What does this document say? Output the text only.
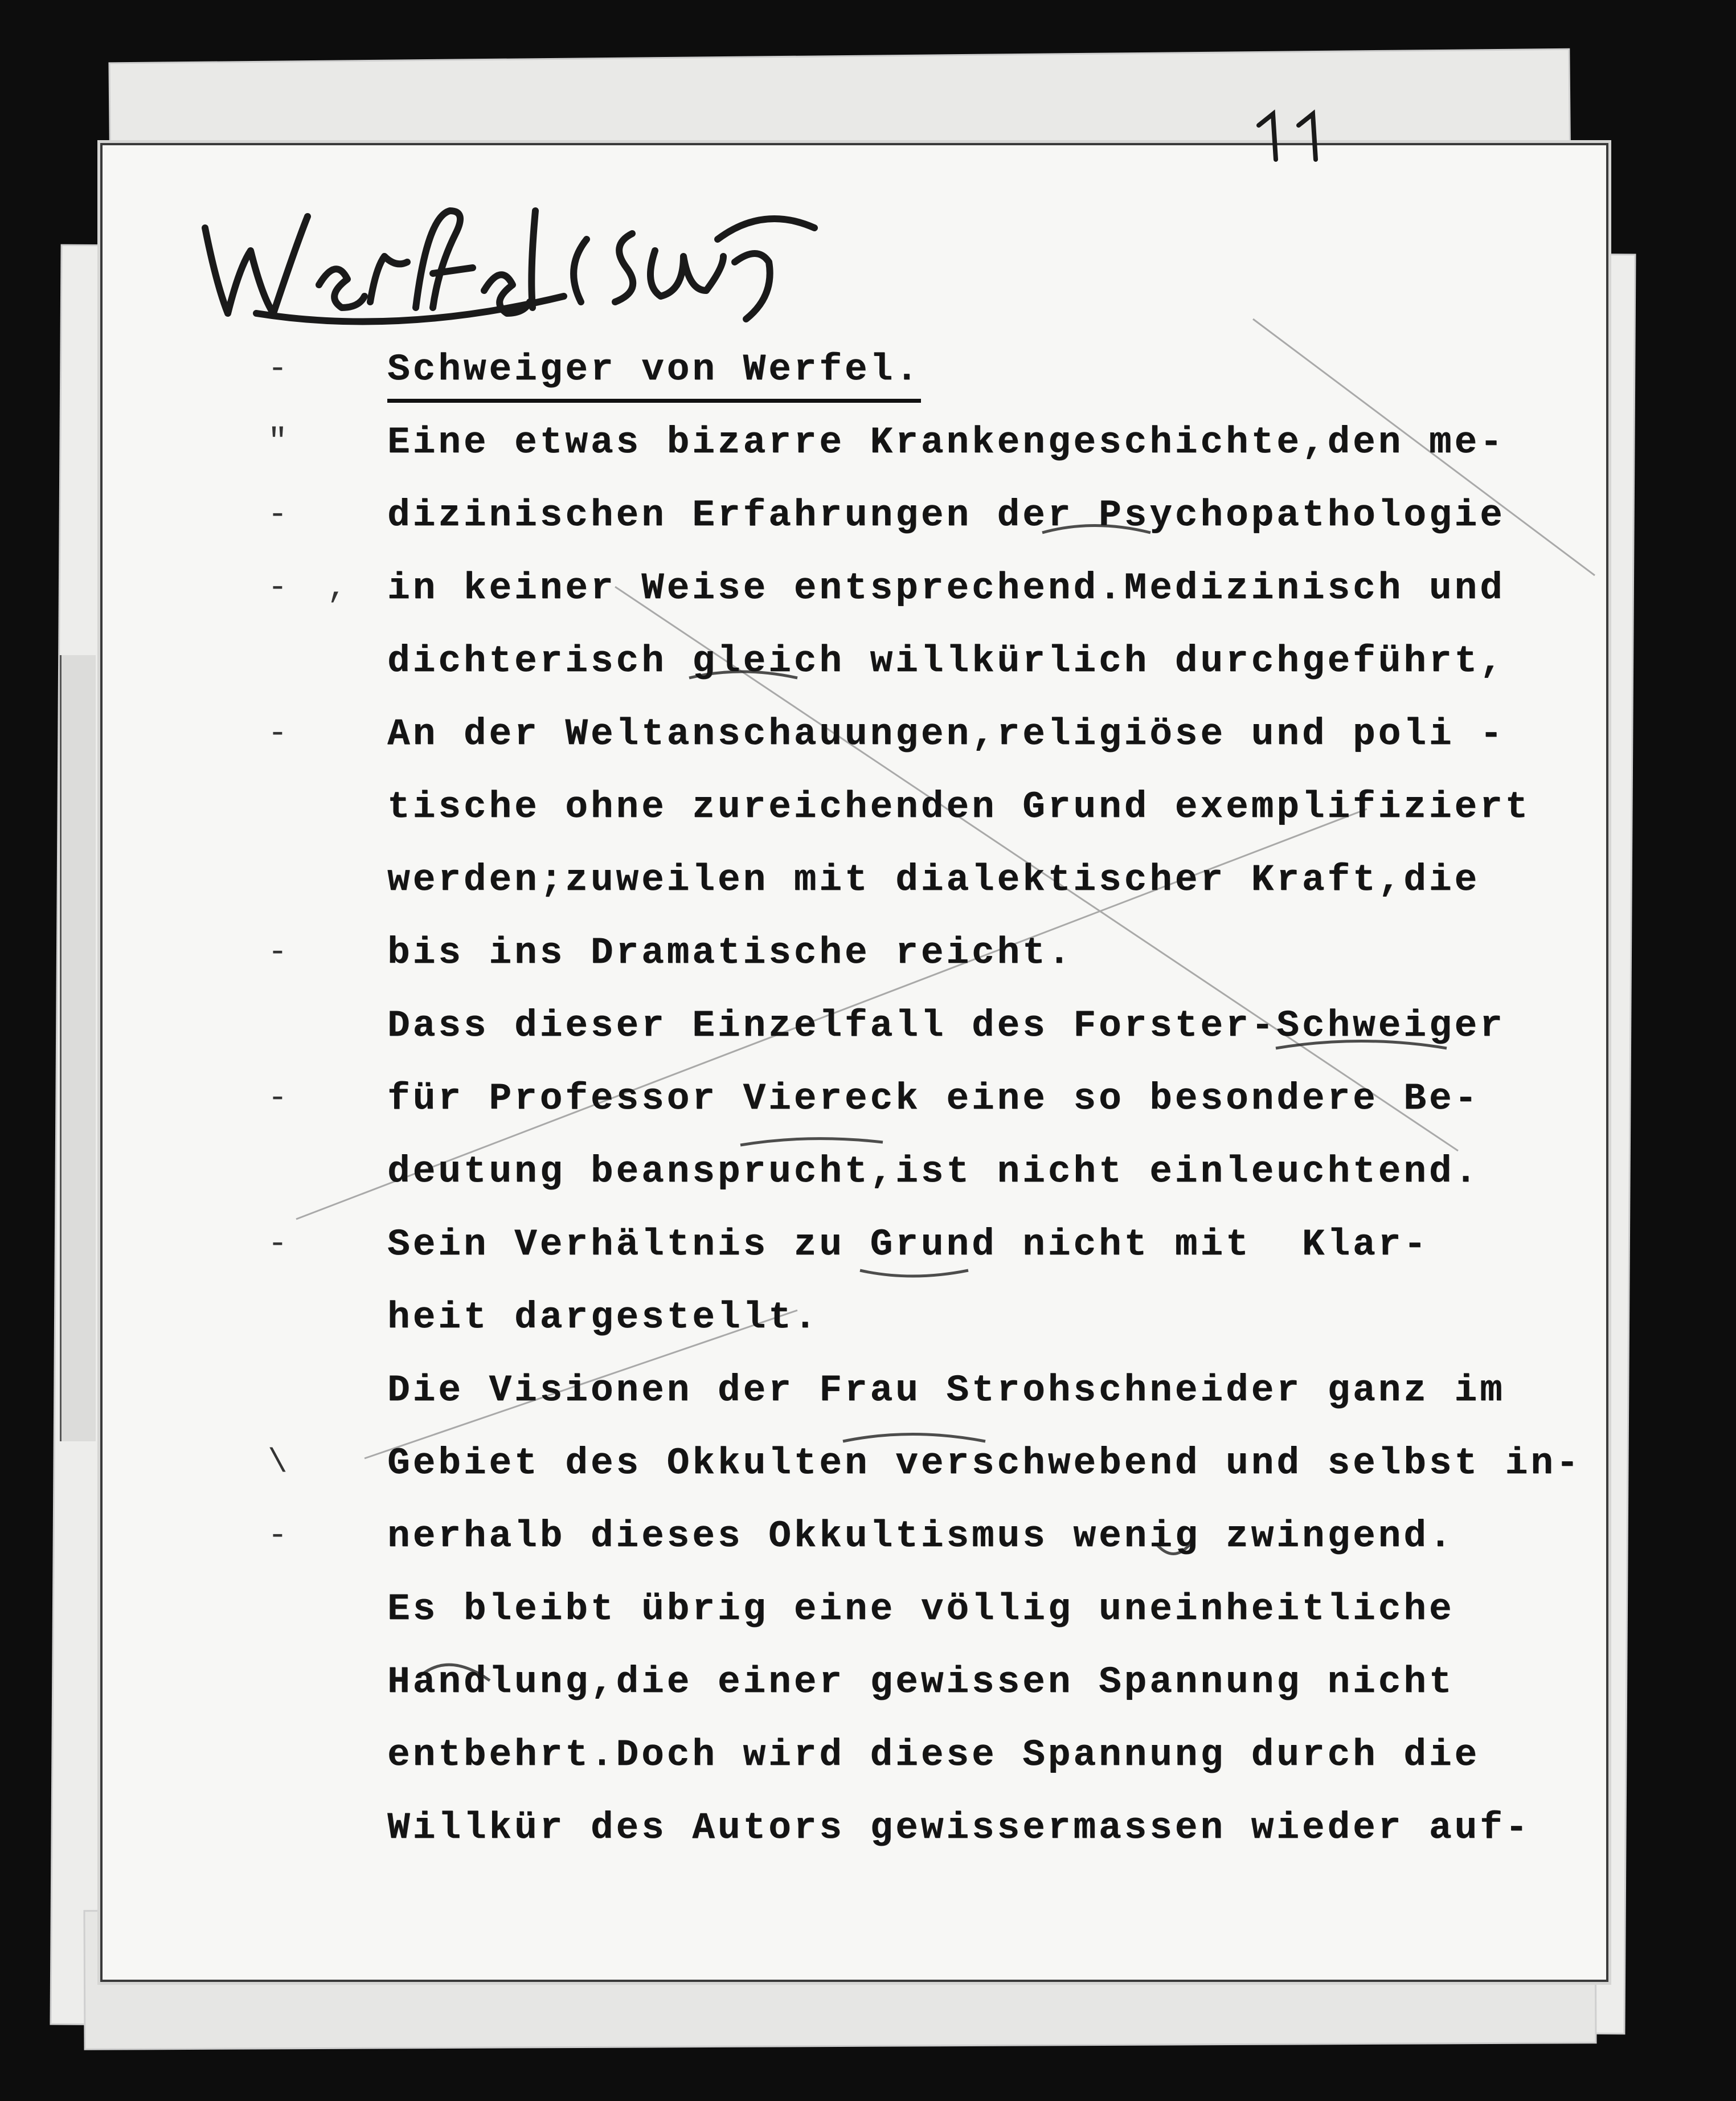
-
"
-
-  ,
-
-
-
-
\
-
Schweiger von Werfel.
Eine etwas bizarre Krankengeschichte,den me-
dizinischen Erfahrungen der Psychopathologie
in keiner Weise entsprechend.Medizinisch und
dichterisch gleich willkürlich durchgeführt,
An der Weltanschauungen,religiöse und poli -
tische ohne zureichenden Grund exemplifiziert
werden;zuweilen mit dialektischer Kraft,die
bis ins Dramatische reicht.
Dass dieser Einzelfall des Forster-Schweiger
für Professor Viereck eine so besondere Be-
deutung beansprucht,ist nicht einleuchtend.
Sein Verhältnis zu Grund nicht mit  Klar-
heit dargestellt.
Die Visionen der Frau Strohschneider ganz im
Gebiet des Okkulten verschwebend und selbst in-
nerhalb dieses Okkultismus wenig zwingend.
Es bleibt übrig eine völlig uneinheitliche
Handlung,die einer gewissen Spannung nicht
entbehrt.Doch wird diese Spannung durch die
Willkür des Autors gewissermassen wieder auf-
